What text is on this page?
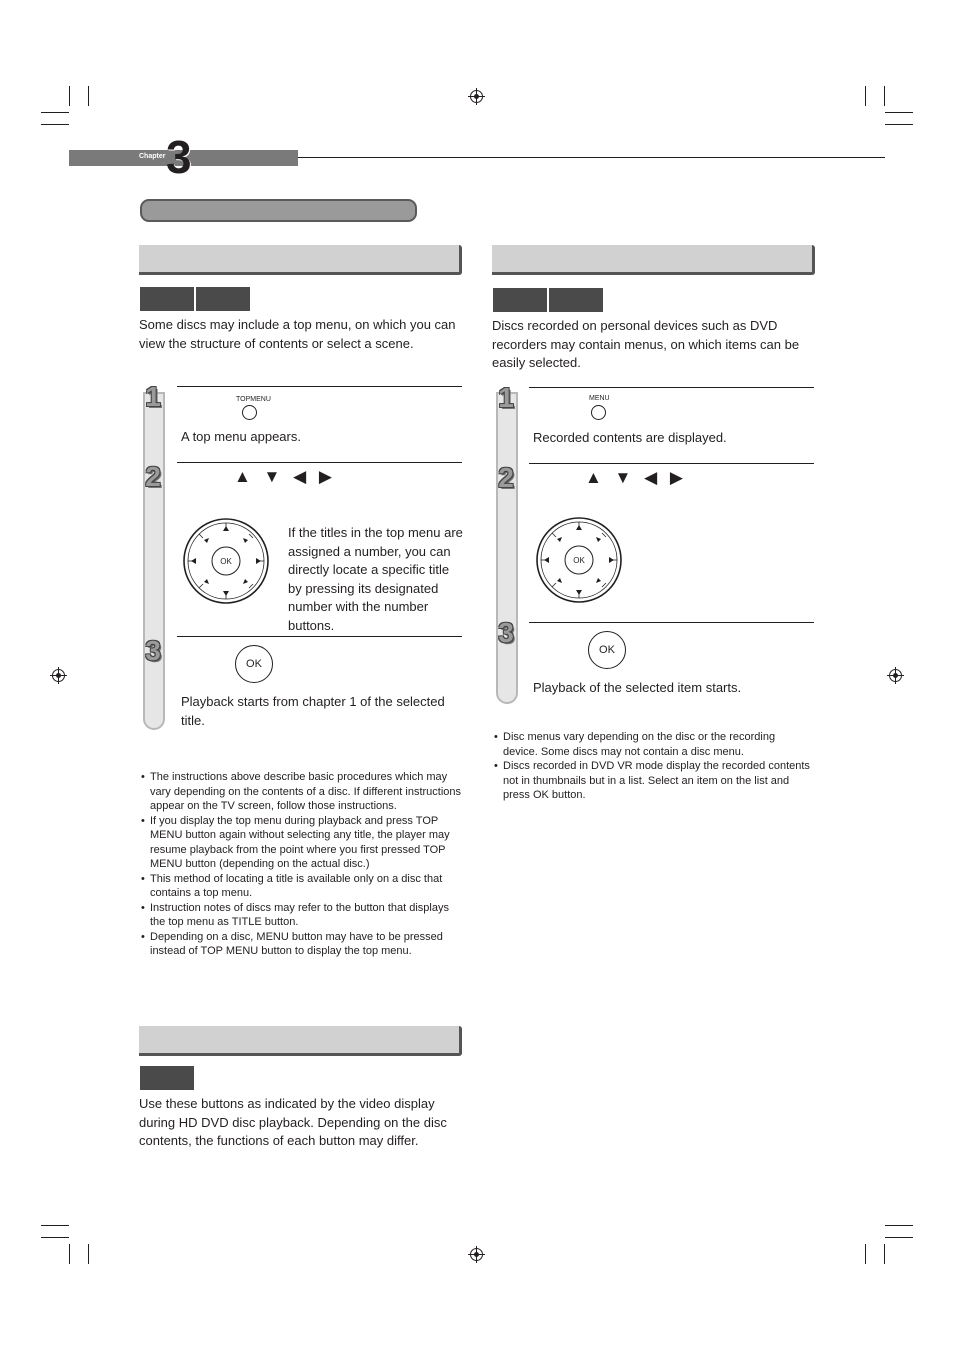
Chapter 3
Some discs may include a top menu, on which you can view the structure of contents or select a scene.
1	TOPMENU
A top menu appears.
2	▲ ▼ ◀ ▶
OK
If the titles in the top menu are assigned a number, you can directly locate a specific title by pressing its designated number with the number buttons.
3	OK
Playback starts from chapter 1 of the selected title.
• The instructions above describe basic procedures which may vary depending on the contents of a disc. If different instructions appear on the TV screen, follow those instructions.
• If you display the top menu during playback and press TOP MENU button again without selecting any title, the player may resume playback from the point where you first pressed TOP MENU button (depending on the actual disc.)
• This method of locating a title is available only on a disc that contains a top menu.
• Instruction notes of discs may refer to the button that displays the top menu as TITLE button.
• Depending on a disc, MENU button may have to be pressed instead of TOP MENU button to display the top menu.
Use these buttons as indicated by the video display during HD DVD disc playback. Depending on the disc contents, the functions of each button may differ.
Discs recorded on personal devices such as DVD recorders may contain menus, on which items can be easily selected.
1	MENU
Recorded contents are displayed.
2	▲ ▼ ◀ ▶
OK
3
OK
Playback of the selected item starts.
• Disc menus vary depending on the disc or the recording device. Some discs may not contain a disc menu.
• Discs recorded in DVD VR mode display the recorded contents not in thumbnails but in a list. Select an item on the list and press OK button.
